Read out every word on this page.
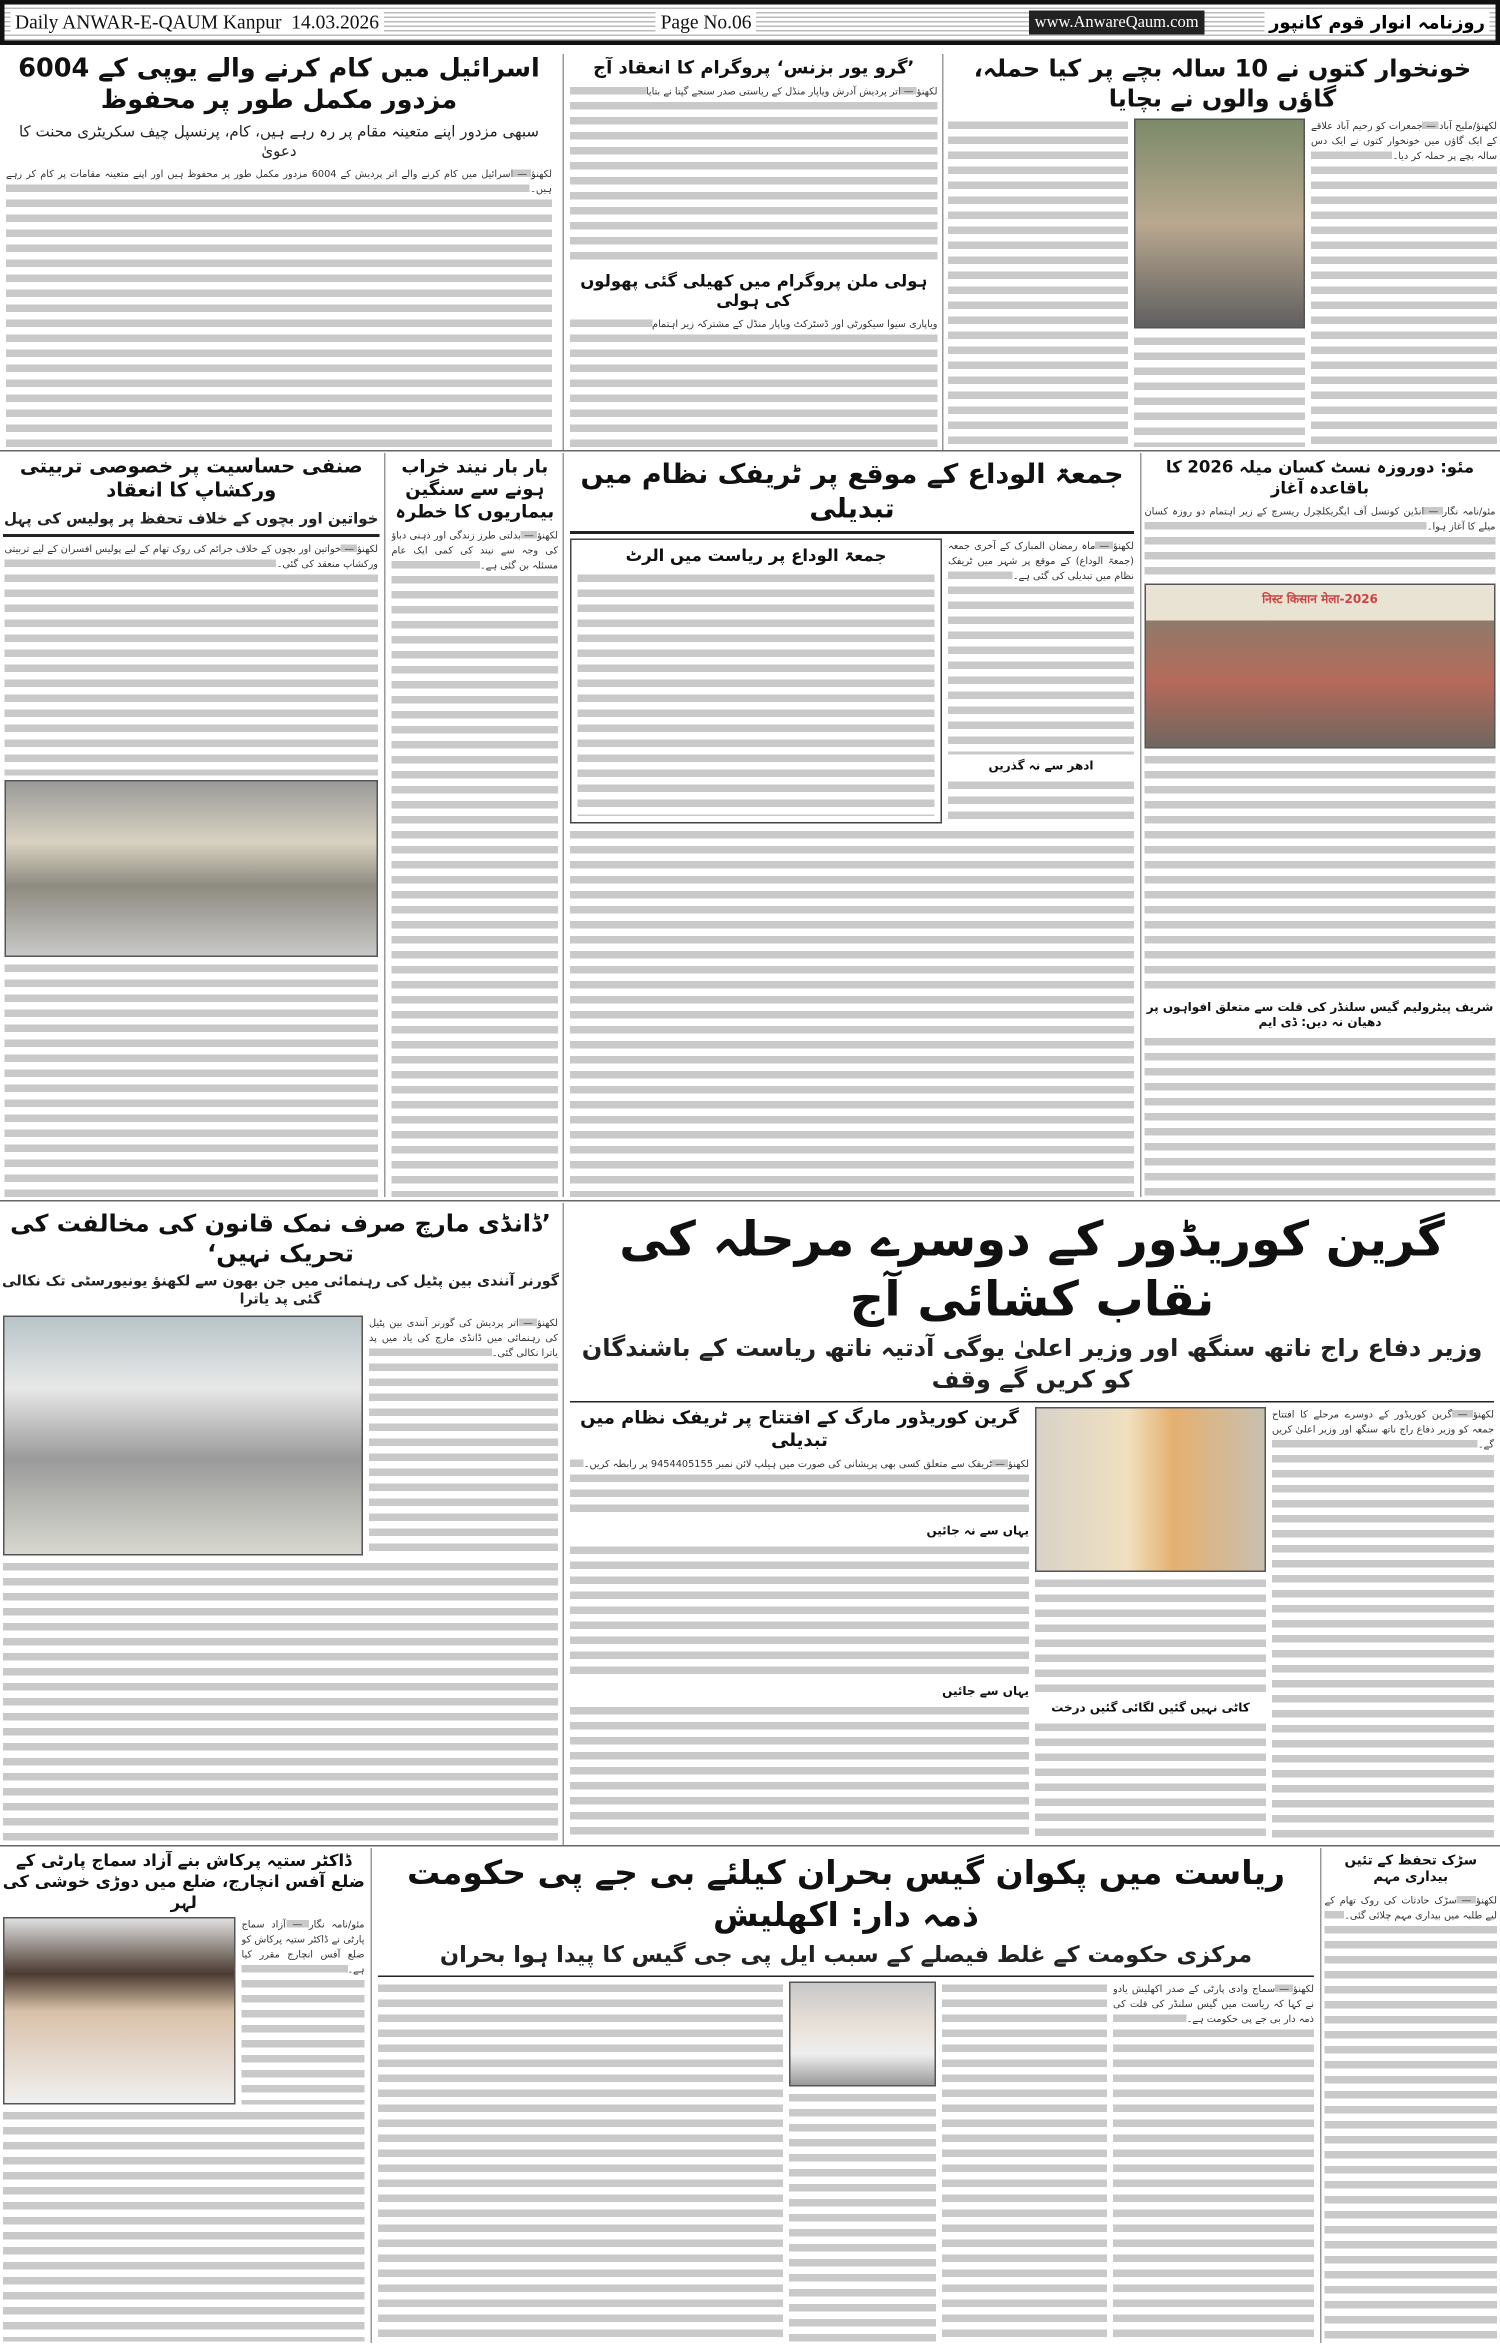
Daily ANWAR-E-QAUM Kanpur 14.03.2026	Page No.06	www.AnwareQaum.com	روزنامہ انوار قوم کانپور
اسرائیل میں کام کرنے والے یوپی کے 6004 مزدور مکمل طور پر محفوظ
سبھی مزدور اپنے متعینہ مقام پر رہ رہے ہیں، کام، پرنسپل چیف سکریٹری محنت کا دعویٰ
لکھنؤ — اسرائیل میں کام کرنے والے اتر پردیش کے 6004 مزدور مکمل طور پر محفوظ ہیں اور اپنے متعینہ مقامات پر کام کر رہے ہیں۔
’گرو یور بزنس‘ پروگرام کا انعقاد آج
لکھنؤ — اتر پردیش آدرش ویاپار منڈل کے ریاستی صدر سنجے گپتا نے بتایا
ہولی ملن پروگرام میں کھیلی گئی پھولوں کی ہولی
ویاپاری سیوا سیکورٹی اور ڈسٹرکٹ ویاپار منڈل کے مشترکہ زیر اہتمام
خونخوار کتوں نے 10 سالہ بچے پر کیا حملہ، گاؤں والوں نے بچایا
لکھنؤ/ملیح آباد — جمعرات کو رحیم آباد علاقے کے ایک گاؤں میں خونخوار کتوں نے ایک دس سالہ بچے پر حملہ کر دیا۔
صنفی حساسیت پر خصوصی تربیتی ورکشاپ کا انعقاد
خواتین اور بچوں کے خلاف تحفظ پر پولیس کی پہل
لکھنؤ — خواتین اور بچوں کے خلاف جرائم کی روک تھام کے لیے پولیس افسران کے لیے تربیتی ورکشاپ منعقد کی گئی۔
بار بار نیند خراب ہونے سے سنگین بیماریوں کا خطرہ
لکھنؤ — بدلتی طرز زندگی اور ذہنی دباؤ کی وجہ سے نیند کی کمی ایک عام مسئلہ بن گئی ہے۔
جمعۃ الوداع کے موقع پر ٹریفک نظام میں تبدیلی
جمعۃ الوداع پر ریاست میں الرٹ	لکھنؤ — ماہ رمضان المبارک کے آخری جمعہ (جمعۃ الوداع) کے موقع پر شہر میں ٹریفک نظام میں تبدیلی کی گئی ہے۔
ادھر سے نہ گذریں
مئو: دوروزہ نسٹ کسان میلہ 2026 کا باقاعدہ آغاز
مئو/نامہ نگار — انڈین کونسل آف ایگریکلچرل ریسرچ کے زیر اہتمام دو روزہ کسان میلے کا آغاز ہوا۔
निस्ट किसान मेला-2026
شریف پیٹرولیم گیس سلنڈر کی قلت سے متعلق افواہوں پر دھیان نہ دیں: ڈی ایم
’ڈانڈی مارچ صرف نمک قانون کی مخالفت کی تحریک نہیں‘
گورنر آنندی بین پٹیل کی رہنمائی میں جن بھون سے لکھنؤ یونیورسٹی تک نکالی گئی پد یاترا
لکھنؤ — اتر پردیش کی گورنر آنندی بین پٹیل کی رہنمائی میں ڈانڈی مارچ کی یاد میں پد یاترا نکالی گئی۔
گرین کوریڈور کے دوسرے مرحلہ کی نقاب کشائی آج
وزیر دفاع راج ناتھ سنگھ اور وزیر اعلیٰ یوگی آدتیہ ناتھ ریاست کے باشندگان کو کریں گے وقف
گرین کوریڈور مارگ کے افتتاح پر ٹریفک نظام میں تبدیلی
لکھنؤ — ٹریفک سے متعلق کسی بھی پریشانی کی صورت میں ہیلپ لائن نمبر 9454405155 پر رابطہ کریں۔
یہاں سے نہ جائیں
یہاں سے جائیں
کاٹی نہیں گئیں لگائی گئیں درخت
لکھنؤ — گرین کوریڈور کے دوسرے مرحلے کا افتتاح جمعہ کو وزیر دفاع راج ناتھ سنگھ اور وزیر اعلیٰ کریں گے۔
ڈاکٹر ستیہ پرکاش بنے آزاد سماج پارٹی کے ضلع آفس انچارج، ضلع میں دوڑی خوشی کی لہر
مئو/نامہ نگار — آزاد سماج پارٹی نے ڈاکٹر ستیہ پرکاش کو ضلع آفس انچارج مقرر کیا ہے۔
ریاست میں پکوان گیس بحران کیلئے بی جے پی حکومت ذمہ دار: اکھلیش
مرکزی حکومت کے غلط فیصلے کے سبب ایل پی جی گیس کا پیدا ہوا بحران
لکھنؤ — سماج وادی پارٹی کے صدر اکھلیش یادو نے کہا کہ ریاست میں گیس سلنڈر کی قلت کی ذمہ دار بی جے پی حکومت ہے۔
سڑک تحفظ کے تئیں بیداری مہم
لکھنؤ — سڑک حادثات کی روک تھام کے لیے طلبہ میں بیداری مہم چلائی گئی۔
